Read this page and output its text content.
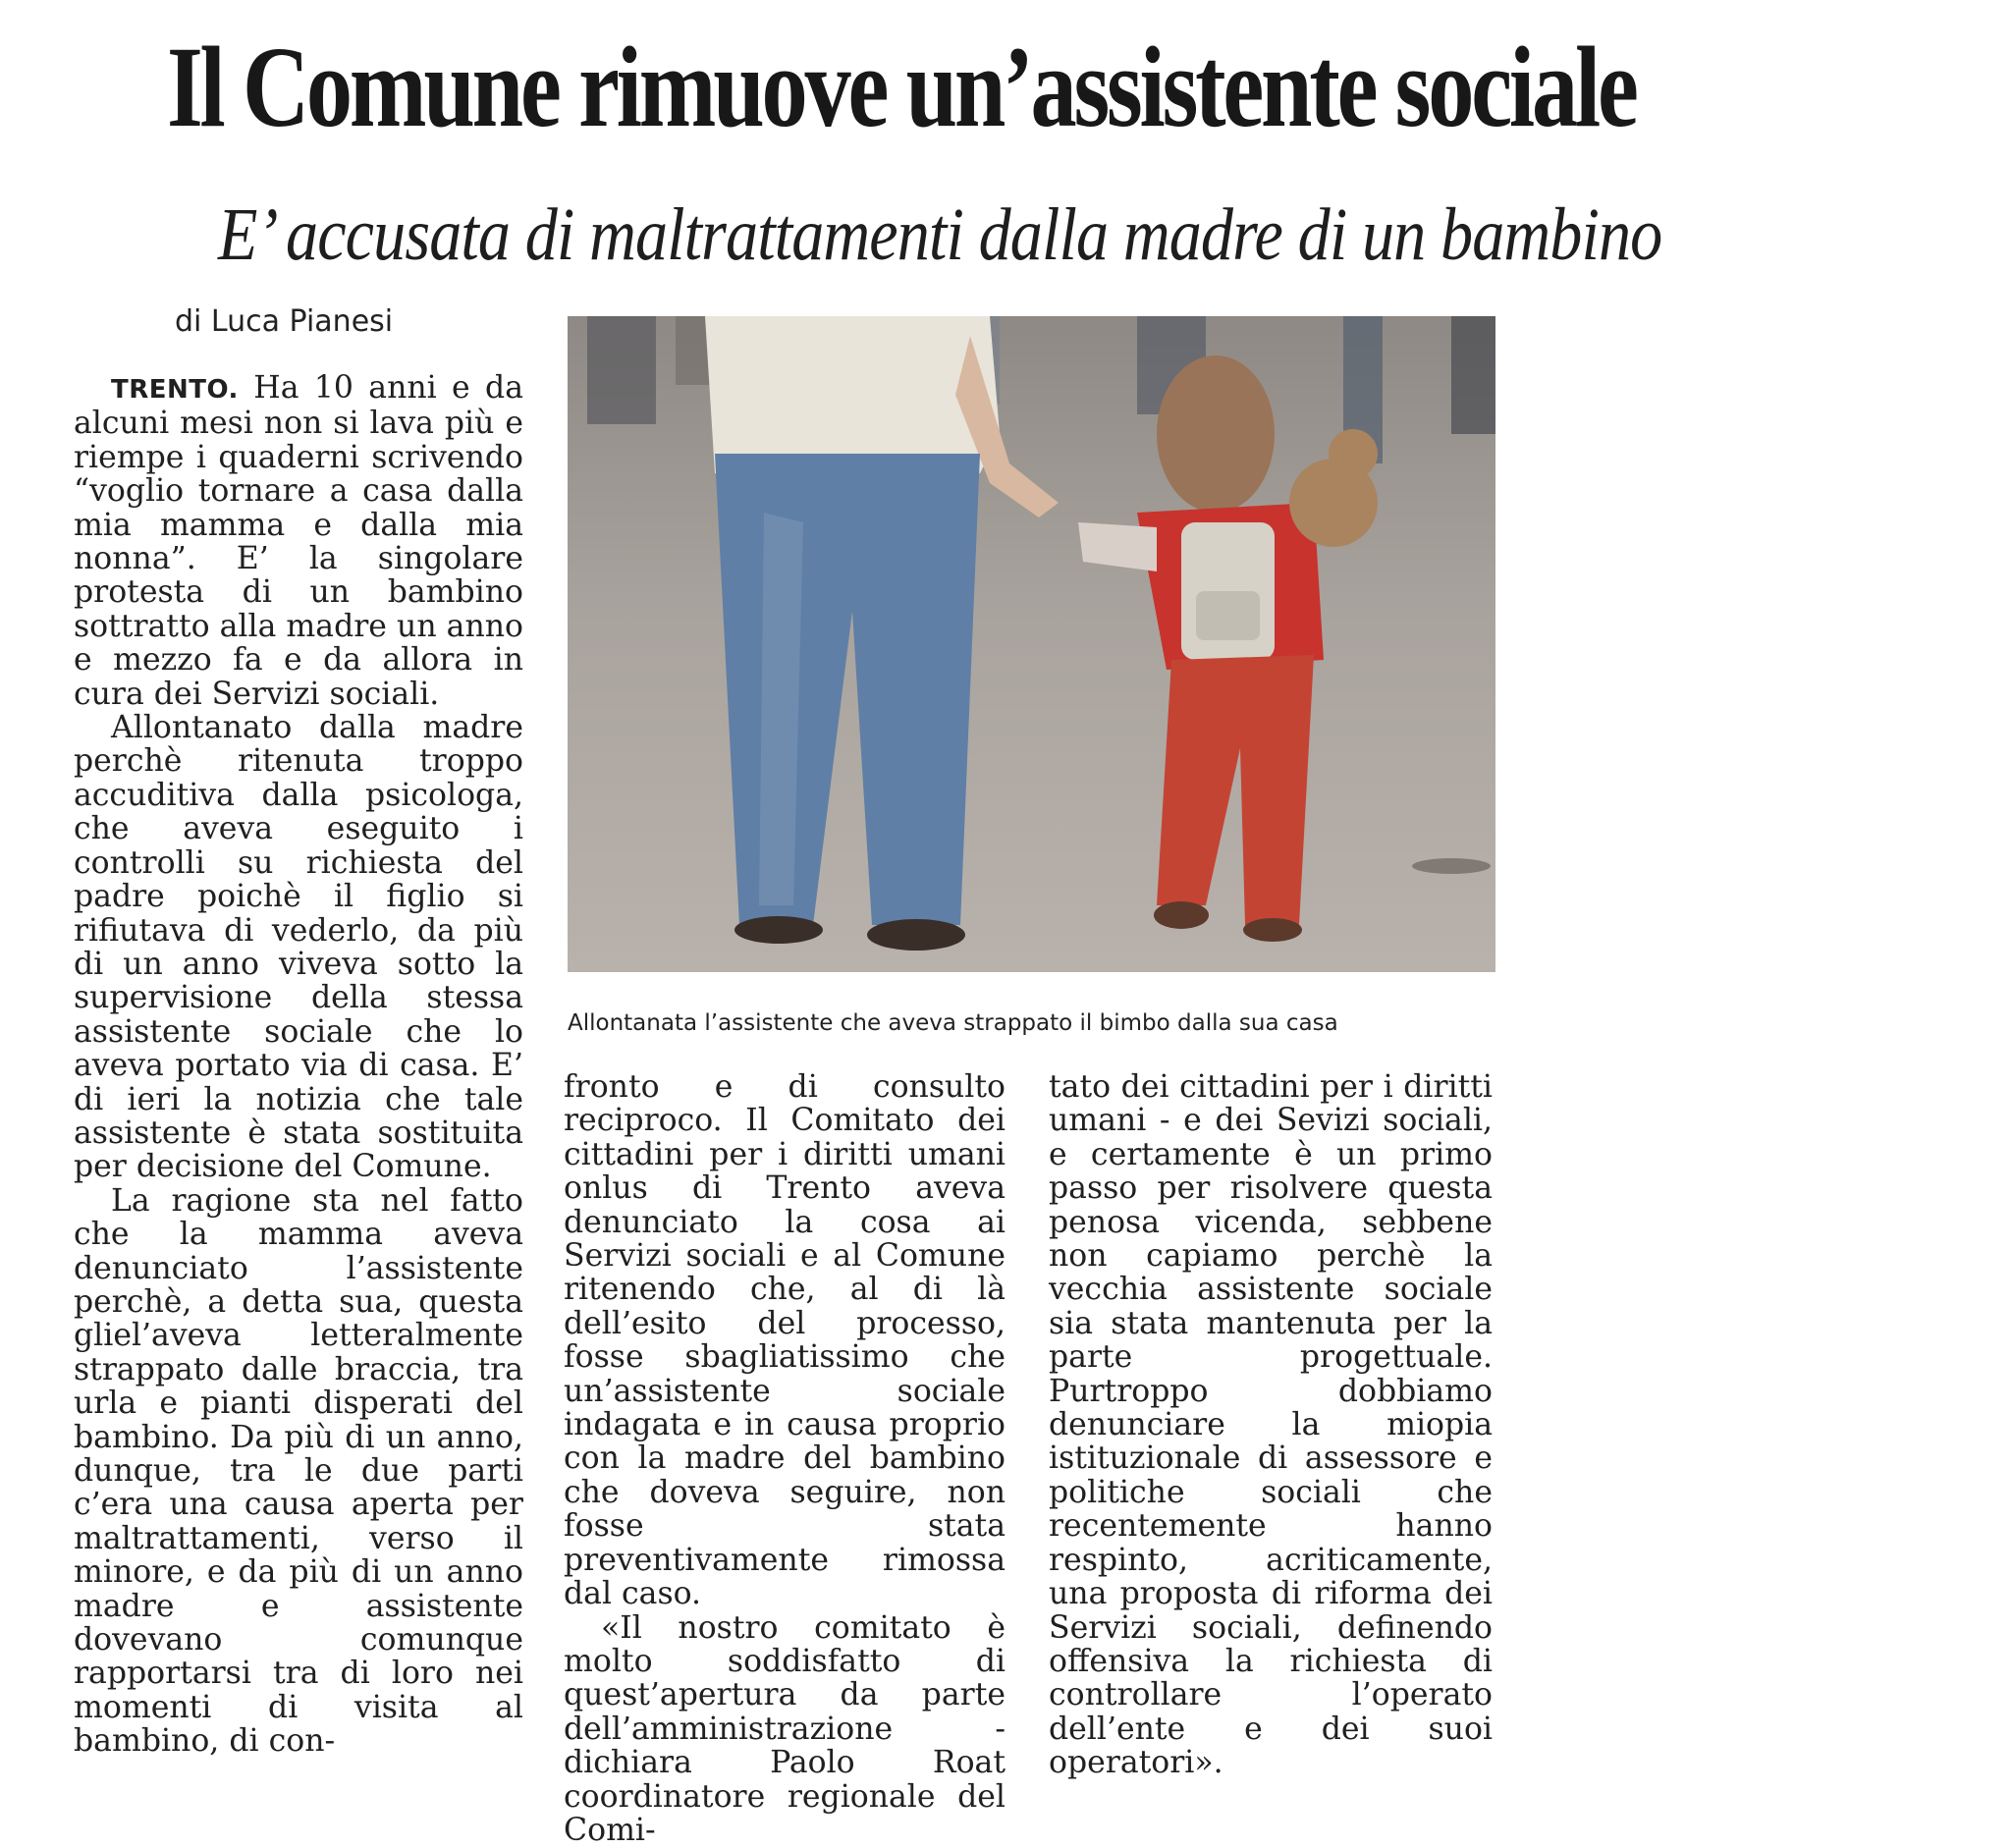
Il Comune rimuove un’assistente sociale
E’ accusata di maltrattamenti dalla madre di un bambino
di Luca Pianesi

TRENTO. Ha 10 anni e da alcuni mesi non si lava più e riempe i quaderni scrivendo “voglio tornare a casa dalla mia mamma e dalla mia nonna”. E’ la singolare protesta di un bambino sottratto alla madre un anno e mezzo fa e da allora in cura dei Servizi sociali.

Allontanato dalla madre perchè ritenuta troppo accuditiva dalla psicologa, che aveva eseguito i controlli su richiesta del padre poichè il figlio si rifiutava di vederlo, da più di un anno viveva sotto la supervisione della stessa assistente sociale che lo aveva portato via di casa. E’ di ieri la notizia che tale assistente è stata sostituita per decisione del Comune.

La ragione sta nel fatto che la mamma aveva denunciato l’assistente perchè, a detta sua, questa gliel’aveva letteralmente strappato dalle braccia, tra urla e pianti disperati del bambino. Da più di un anno, dunque, tra le due parti c’era una causa aperta per maltrattamenti, verso il minore, e da più di un anno madre e assistente dovevano comunque rapportarsi tra di loro nei momenti di visita al bambino, di con-

Allontanata l’assistente che aveva strappato il bimbo dalla sua casa

fronto e di consulto reciproco. Il Comitato dei cittadini per i diritti umani onlus di Trento aveva denunciato la cosa ai Servizi sociali e al Comune ritenendo che, al di là dell’esito del processo, fosse sbagliatissimo che un’assistente sociale indagata e in causa proprio con la madre del bambino che doveva seguire, non fosse stata preventivamente rimossa dal caso.

«Il nostro comitato è molto soddisfatto di quest’apertura da parte dell’amministrazione - dichiara Paolo Roat coordinatore regionale del Comi-

tato dei cittadini per i diritti umani - e dei Sevizi sociali, e certamente è un primo passo per risolvere questa penosa vicenda, sebbene non capiamo perchè la vecchia assistente sociale sia stata mantenuta per la parte progettuale. Purtroppo dobbiamo denunciare la miopia istituzionale di assessore e politiche sociali che recentemente hanno respinto, acriticamente, una proposta di riforma dei Servizi sociali, definendo offensiva la richiesta di controllare l’operato dell’ente e dei suoi operatori».
